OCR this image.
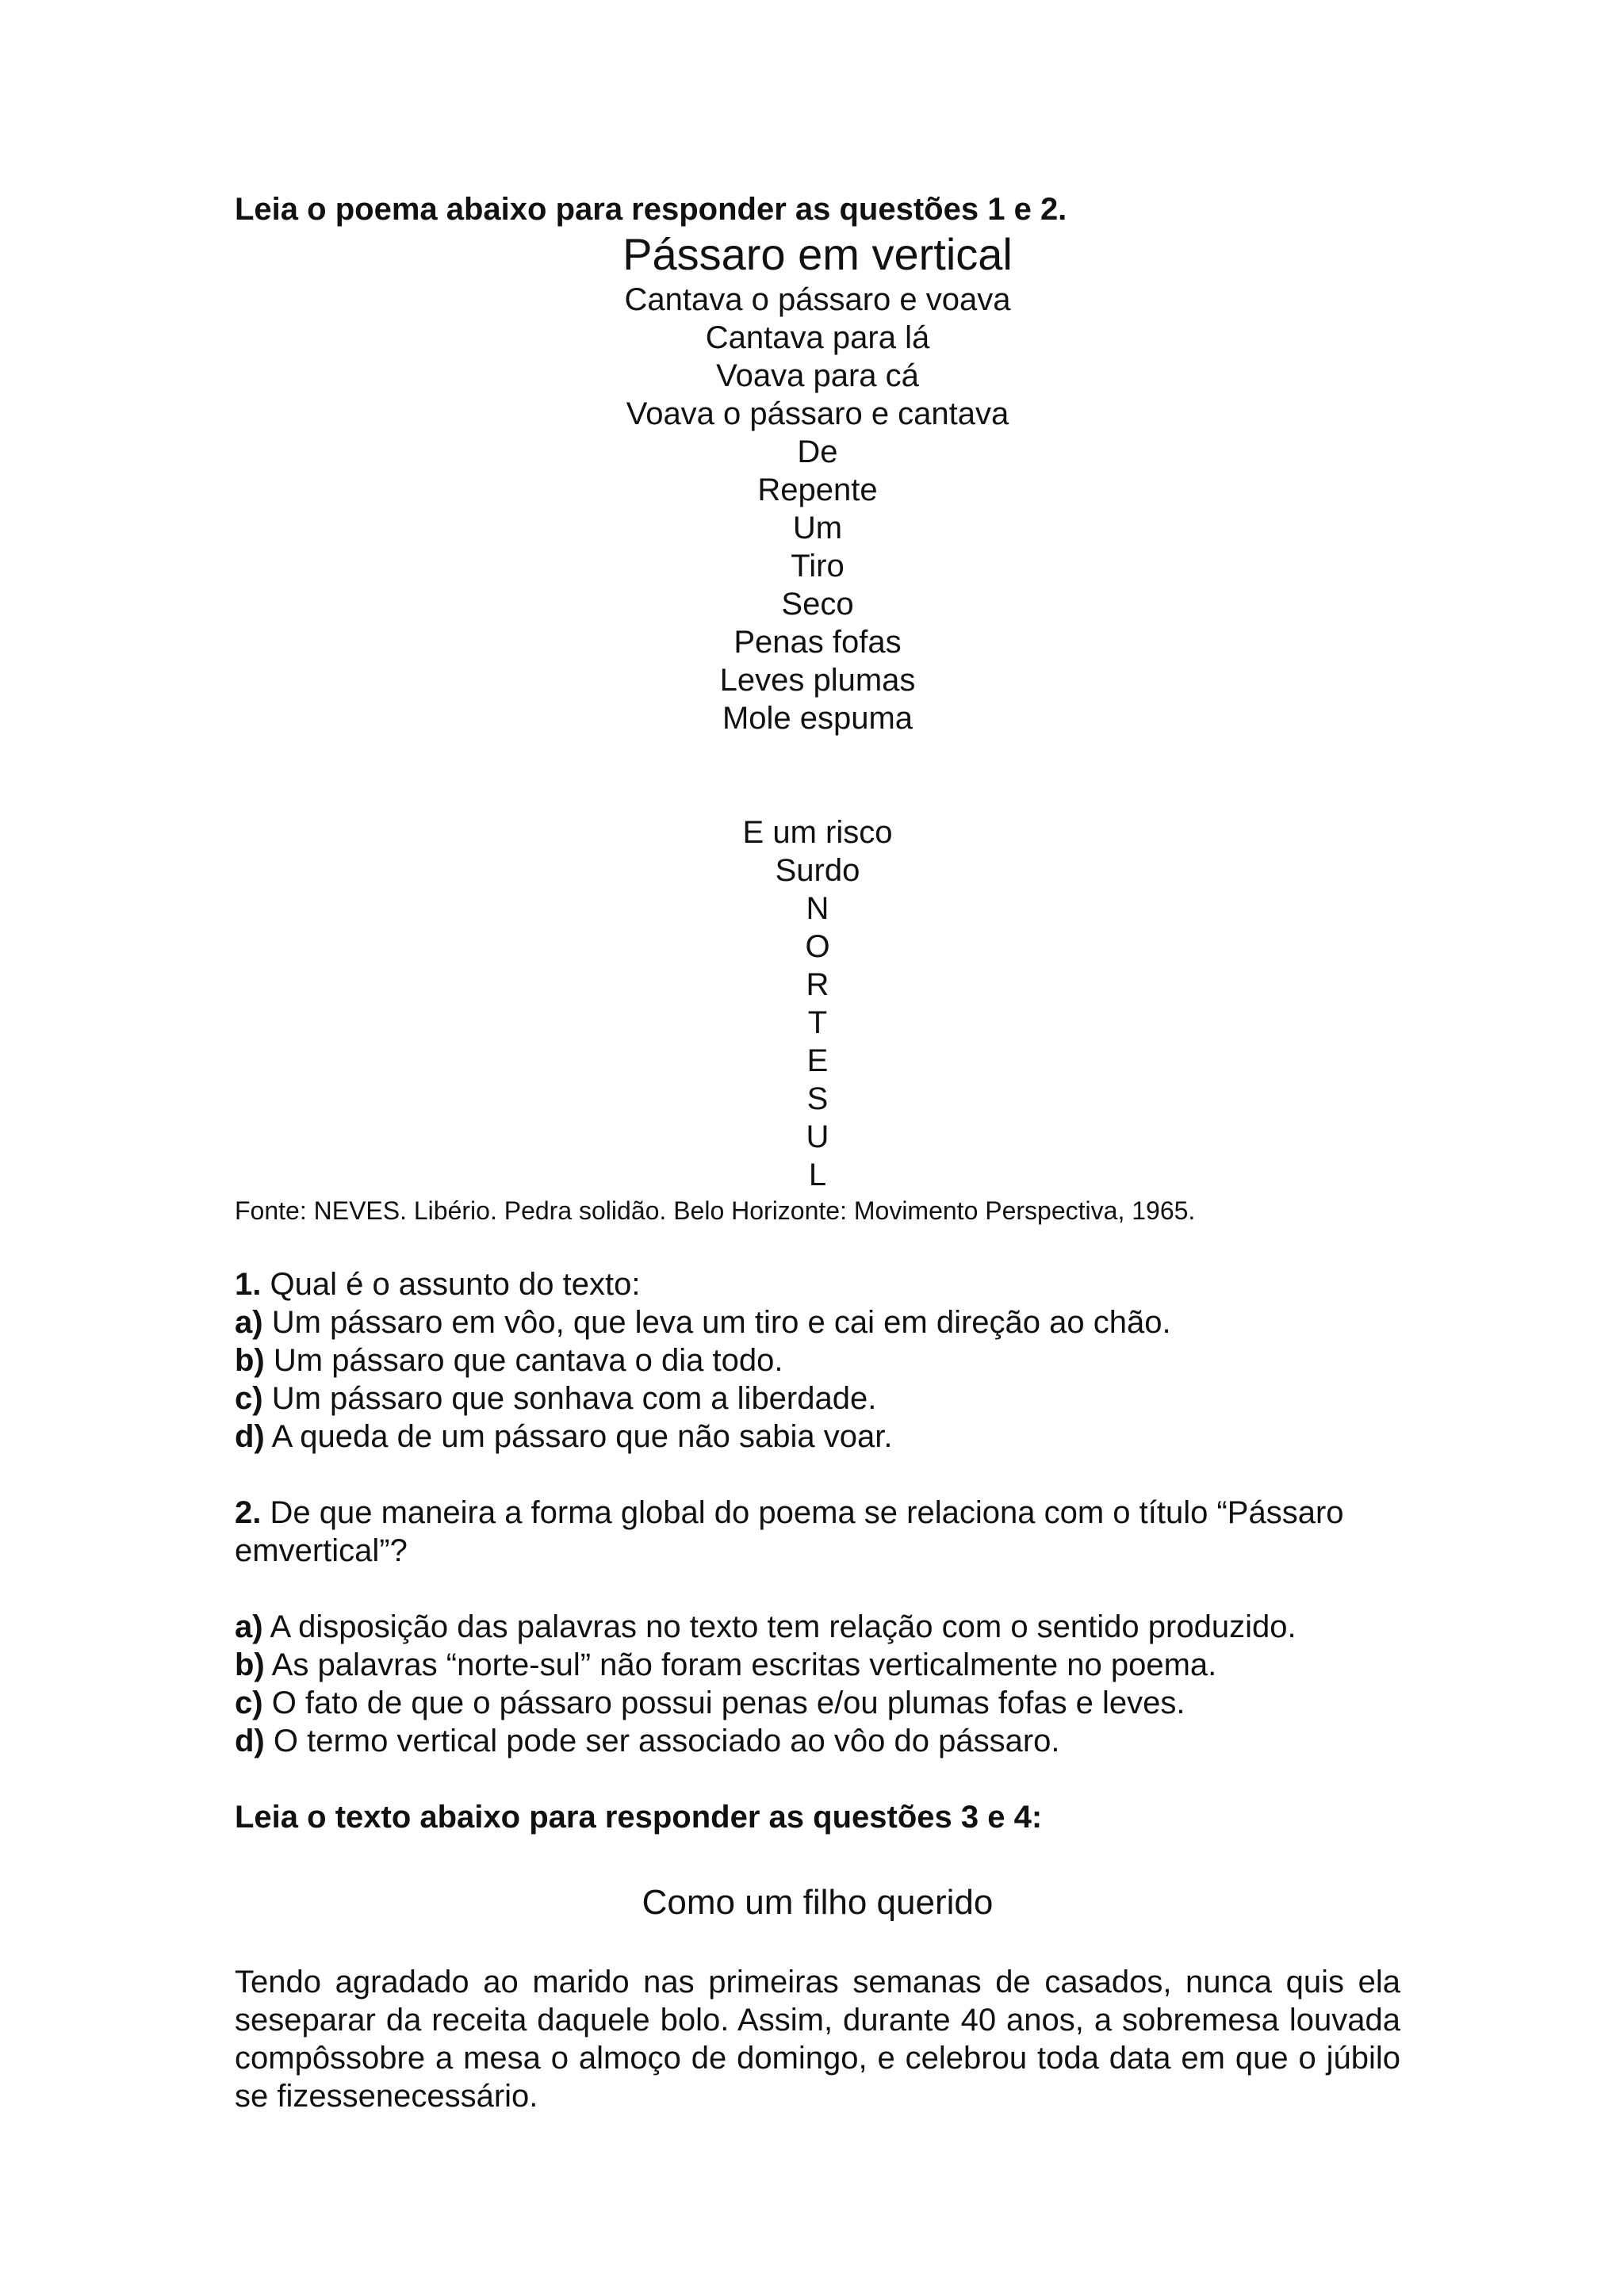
Leia o poema abaixo para responder as questões 1 e 2.

Pássaro em vertical

Cantava o pássaro e voava
Cantava para lá
Voava para cá
Voava o pássaro e cantava
De
Repente
Um
Tiro
Seco
Penas fofas
Leves plumas
Mole espuma
E um risco
Surdo
N
O
R
T
E
S
U
L

Fonte: NEVES. Libério. Pedra solidão. Belo Horizonte: Movimento Perspectiva, 1965.

1. Qual é o assunto do texto:

a) Um pássaro em vôo, que leva um tiro e cai em direção ao chão.

b) Um pássaro que cantava o dia todo.

c) Um pássaro que sonhava com a liberdade.

d) A queda de um pássaro que não sabia voar.

2. De que maneira a forma global do poema se relaciona com o título “Pássaro emvertical”?

a) A disposição das palavras no texto tem relação com o sentido produzido.

b) As palavras “norte-sul” não foram escritas verticalmente no poema.

c) O fato de que o pássaro possui penas e/ou plumas fofas e leves.

d) O termo vertical pode ser associado ao vôo do pássaro.

Leia o texto abaixo para responder as questões 3 e 4:

Como um filho querido

Tendo agradado ao marido nas primeiras semanas de casados, nunca quis ela seseparar da receita daquele bolo. Assim, durante 40 anos, a sobremesa louvada compôssobre a mesa o almoço de domingo, e celebrou toda data em que o júbilo se fizessenecessário.
